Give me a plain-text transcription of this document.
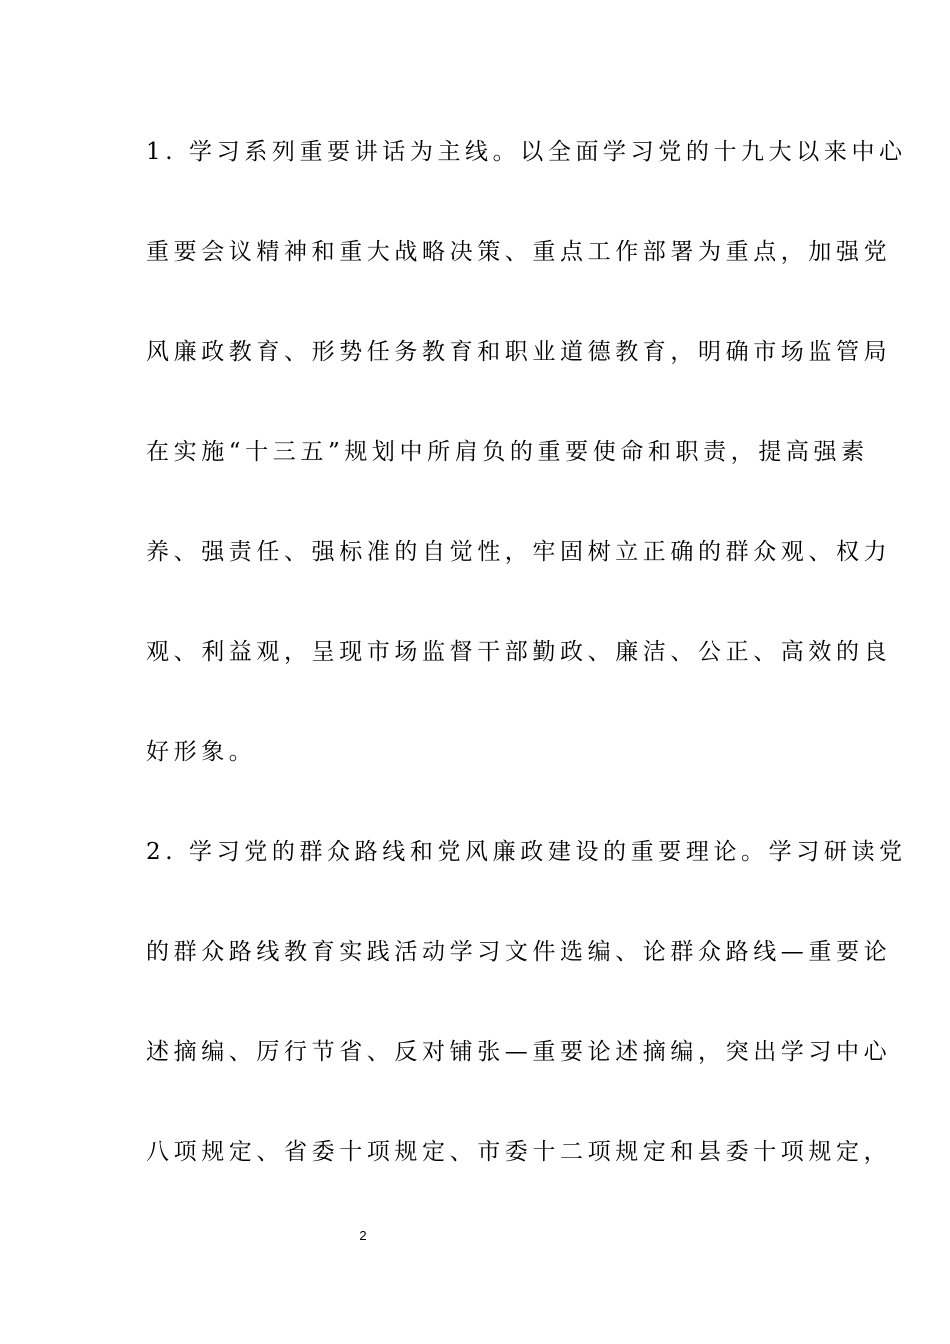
1. 学习系列重要讲话为主线。以全面学习党的十九大以来中心
重要会议精神和重大战略决策、重点工作部署为重点，加强党
风廉政教育、形势任务教育和职业道德教育，明确市场监管局
在实施“十三五”规划中所肩负的重要使命和职责，提高强素
养、强责任、强标准的自觉性，牢固树立正确的群众观、权力
观、利益观，呈现市场监督干部勤政、廉洁、公正、高效的良
好形象。
2. 学习党的群众路线和党风廉政建设的重要理论。学习研读党
的群众路线教育实践活动学习文件选编、论群众路线—重要论
述摘编、厉行节省、反对铺张—重要论述摘编，突出学习中心
八项规定、省委十项规定、市委十二项规定和县委十项规定，
2
